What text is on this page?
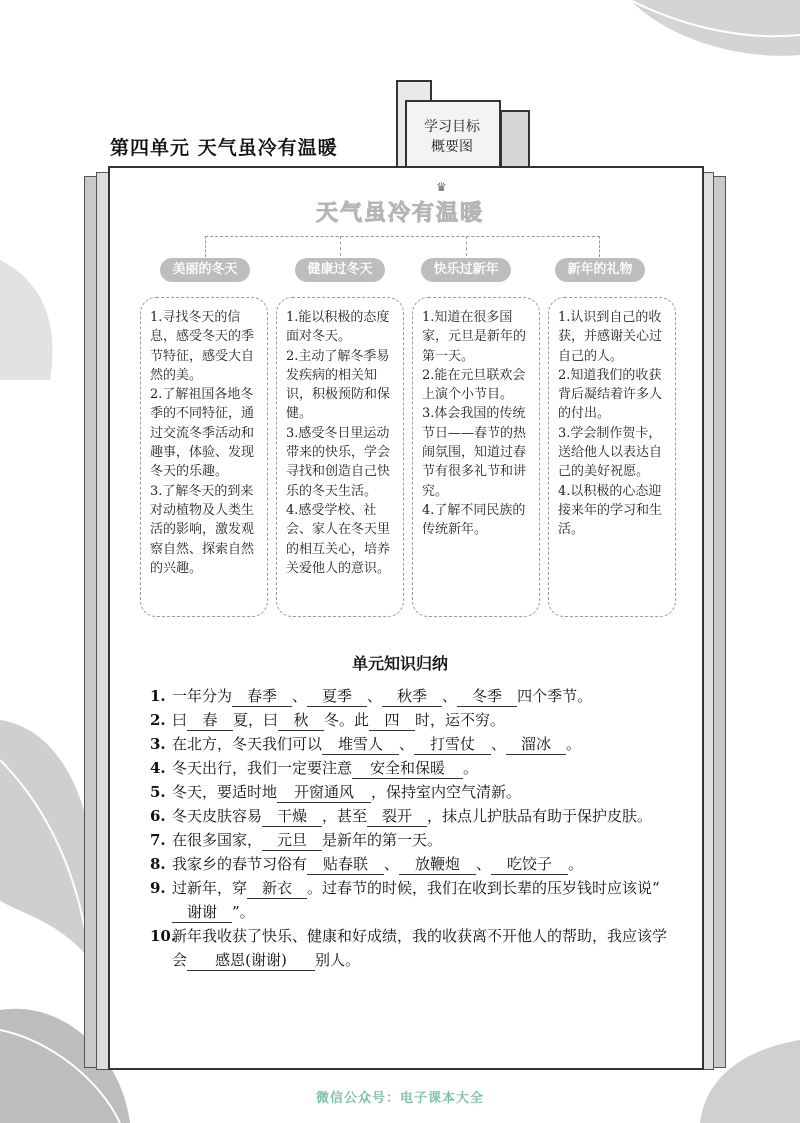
第四单元 天气虽冷有温暖
学习目标
概要图
♛
天气虽冷有温暖
美丽的冬天	健康过冬天	快乐过新年	新年的礼物

1.寻找冬天的信息，感受冬天的季节特征，感受大自然的美。

2.了解祖国各地冬季的不同特征，通过交流冬季活动和趣事，体验、发现冬天的乐趣。

3.了解冬天的到来对动植物及人类生活的影响，激发观察自然、探索自然的兴趣。

1.能以积极的态度面对冬天。

2.主动了解冬季易发疾病的相关知识，积极预防和保健。

3.感受冬日里运动带来的快乐，学会寻找和创造自己快乐的冬天生活。

4.感受学校、社会、家人在冬天里的相互关心，培养关爱他人的意识。

1.知道在很多国家，元旦是新年的第一天。

2.能在元旦联欢会上演个小节目。

3.体会我国的传统节日——春节的热闹氛围，知道过春节有很多礼节和讲究。

4.了解不同民族的传统新年。

1.认识到自己的收获，并感谢关心过自己的人。

2.知道我们的收获背后凝结着许多人的付出。

3.学会制作贺卡，送给他人以表达自己的美好祝愿。

4.以积极的心态迎接来年的学习和生活。

单元知识归纳
1. 一年分为 春季 、 夏季 、 秋季 、 冬季 四个季节。
2. 曰 春 夏，曰 秋 冬。此 四 时，运不穷。
3. 在北方，冬天我们可以 堆雪人 、 打雪仗 、 溜冰 。
4. 冬天出行，我们一定要注意 安全和保暖 。
5. 冬天，要适时地 开窗通风 ，保持室内空气清新。
6. 冬天皮肤容易 干燥 ，甚至 裂开 ，抹点儿护肤品有助于保护皮肤。
7. 在很多国家， 元旦 是新年的第一天。
8. 我家乡的春节习俗有 贴春联 、 放鞭炮 、 吃饺子 。
9. 过新年，穿 新衣 。过春节的时候，我们在收到长辈的压岁钱时应该说“谢谢 ”。
10.
新年我收获了快乐、健康和好成绩，我的收获离不开他人的帮助，我应该学会 感恩(谢谢) 别人。
微信公众号：电子课本大全
